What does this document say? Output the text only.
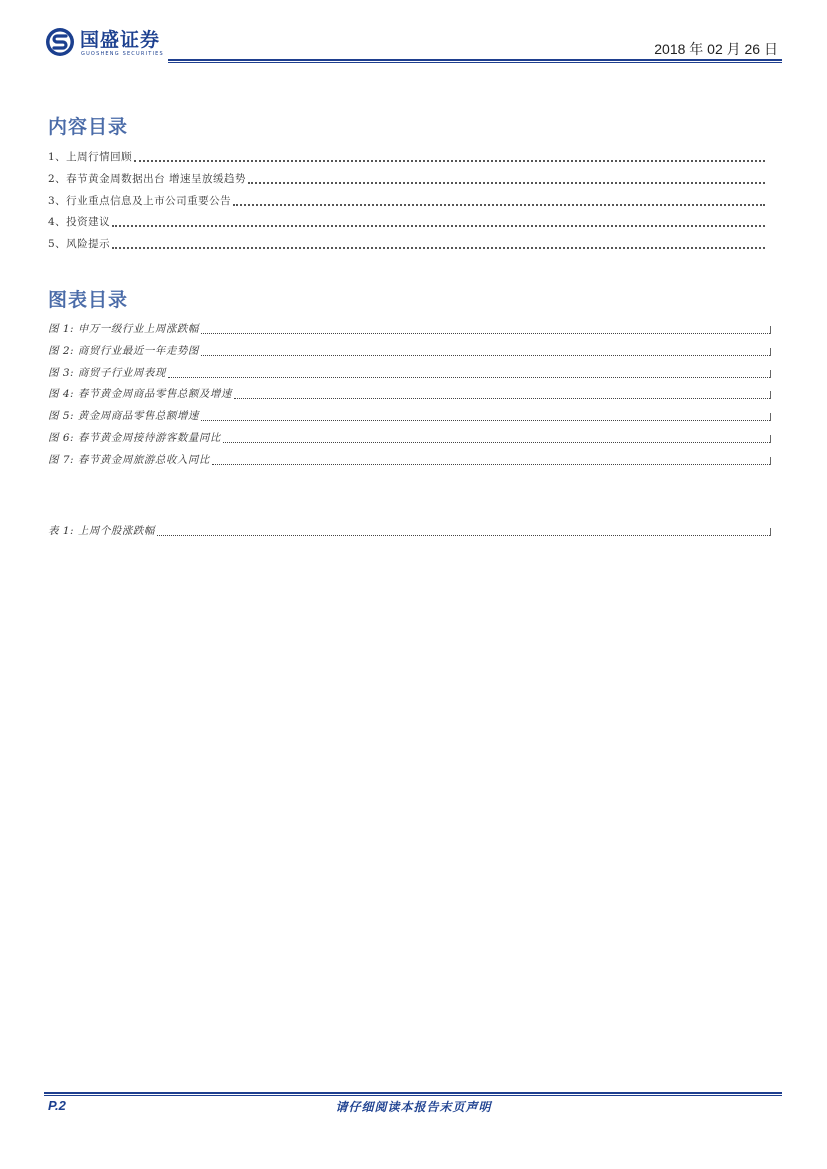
国盛证券
GUOSHENG SECURITIES	2018 年 02 月 26 日
内容目录
1、上周行情回顾
2、春节黄金周数据出台 增速呈放缓趋势
3、行业重点信息及上市公司重要公告
4、投资建议
5、风险提示
图表目录
图 1: 申万一级行业上周涨跌幅
图 2: 商贸行业最近一年走势图
图 3: 商贸子行业周表现
图 4: 春节黄金周商品零售总额及增速
图 5: 黄金周商品零售总额增速
图 6: 春节黄金周接待游客数量同比
图 7: 春节黄金周旅游总收入同比
表 1: 上周个股涨跌幅
请仔细阅读本报告末页声明
P.2
